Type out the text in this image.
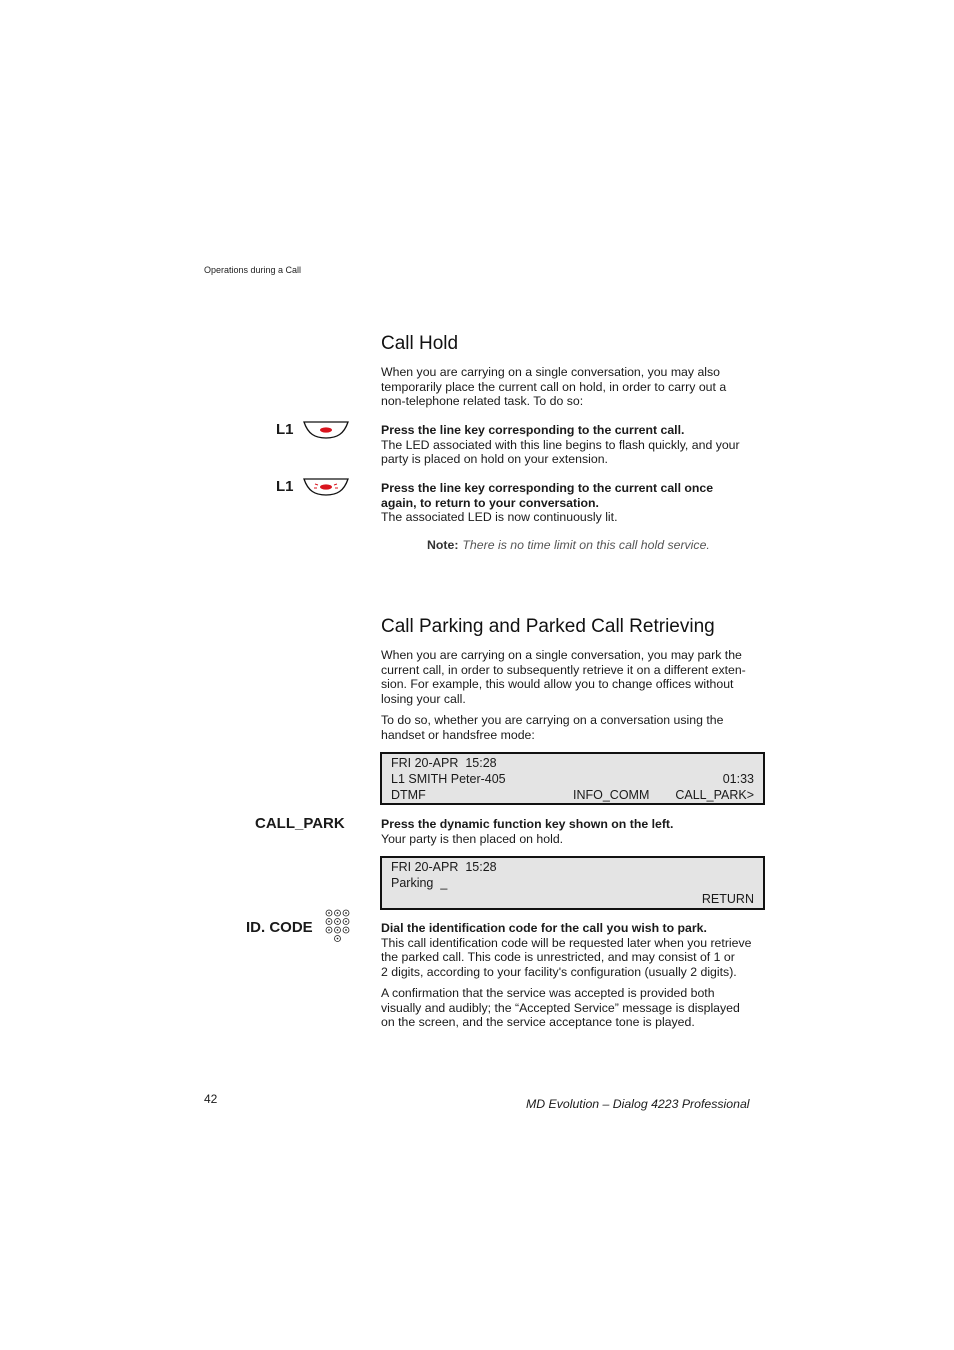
Operations during a Call
Call Hold
When you are carrying on a single conversation, you may also
temporarily place the current call on hold, in order to carry out a
non-telephone related task. To do so:
L1	Press the line key corresponding to the current call.
The LED associated with this line begins to flash quickly, and your
party is placed on hold on your extension.
L1	Press the line key corresponding to the current call once
again, to return to your conversation.
The associated LED is now continuously lit.
Note: There is no time limit on this call hold service.
Call Parking and Parked Call Retrieving
When you are carrying on a single conversation, you may park the
current call, in order to subsequently retrieve it on a different exten-
sion. For example, this would allow you to change offices without
losing your call.
To do so, whether you are carrying on a conversation using the
handset or handsfree mode:
FRI 20-APR  15:28
L1 SMITH Peter-405	01:33
DTMF	INFO_COMM	CALL_PARK>
CALL_PARK	Press the dynamic function key shown on the left.
Your party is then placed on hold.
FRI 20-APR  15:28
Parking  _
RETURN
ID. CODE	Dial the identification code for the call you wish to park.
This call identification code will be requested later when you retrieve
the parked call. This code is unrestricted, and may consist of 1 or
2 digits, according to your facility's configuration (usually 2 digits).
A confirmation that the service was accepted is provided both
visually and audibly; the “Accepted Service” message is displayed
on the screen, and the service acceptance tone is played.
42	MD Evolution – Dialog 4223 Professional
